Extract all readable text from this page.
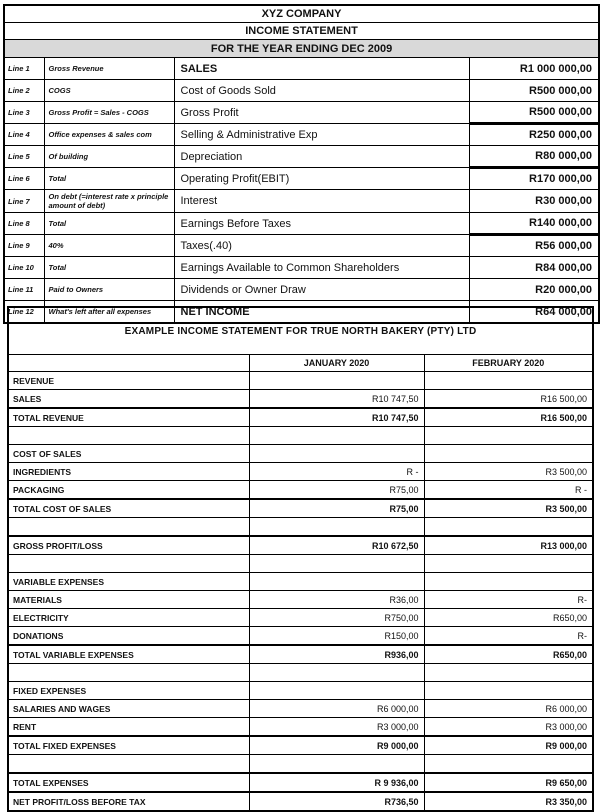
XYZ COMPANY			
INCOME STATEMENT			
FOR THE YEAR ENDING DEC 2009			
Line 1	Gross Revenue	SALES	R1 000 000,00
Line 2	COGS	Cost of Goods Sold	R500 000,00
Line 3	Gross Profit = Sales - COGS	Gross Profit	R500 000,00
Line 4	Office expenses & sales com	Selling & Administrative Exp	R250 000,00
Line 5	Of building	Depreciation	R80 000,00
Line 6	Total	Operating Profit(EBIT)	R170 000,00
Line 7	On debt (=interest rate x principle amount of debt)	Interest	R30 000,00
Line 8	Total	Earnings Before Taxes	R140 000,00
Line 9	40%	Taxes(.40)	R56 000,00
Line 10	Total	Earnings Available to Common Shareholders	R84 000,00
Line 11	Paid to Owners	Dividends or Owner Draw	R20 000,00
Line 12	What's left after all expenses	NET INCOME	R64 000,00
EXAMPLE INCOME STATEMENT FOR TRUE NORTH BAKERY (PTY) LTD		
	JANUARY 2020	FEBRUARY 2020
REVENUE		
SALES	R10 747,50	R16 500,00
TOTAL REVENUE	R10 747,50	R16 500,00

COST OF SALES		
INGREDIENTS	R -	R3 500,00
PACKAGING	R75,00	R -
TOTAL COST OF SALES	R75,00	R3 500,00

GROSS PROFIT/LOSS	R10 672,50	R13 000,00

VARIABLE EXPENSES		
MATERIALS	R36,00	R-
ELECTRICITY	R750,00	R650,00
DONATIONS	R150,00	R-
TOTAL VARIABLE EXPENSES	R936,00	R650,00

FIXED EXPENSES		
SALARIES AND WAGES	R6 000,00	R6 000,00
RENT	R3 000,00	R3 000,00
TOTAL FIXED EXPENSES	R9 000,00	R9 000,00

TOTAL EXPENSES	R 9 936,00	R9 650,00
NET PROFIT/LOSS BEFORE TAX	R736,50	R3 350,00
